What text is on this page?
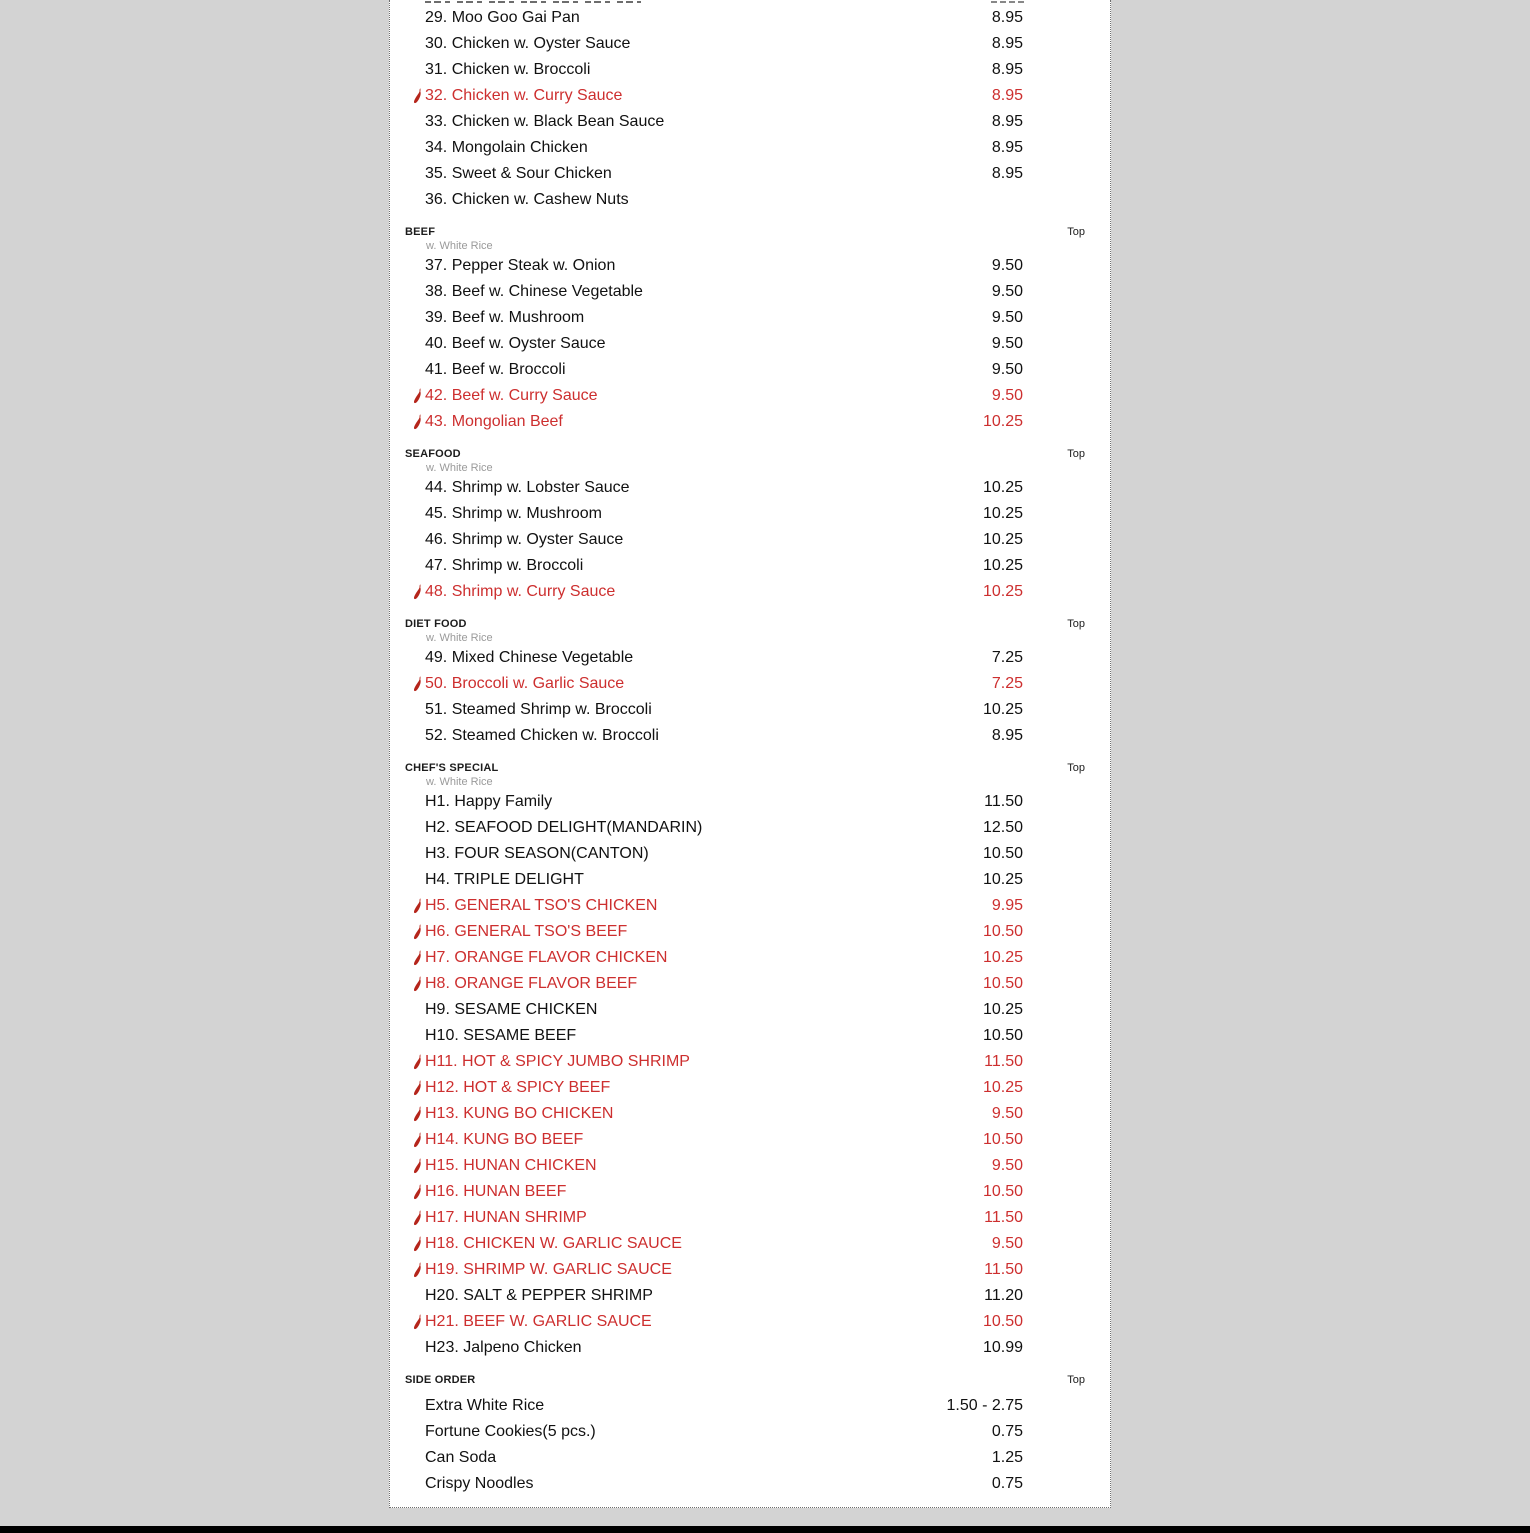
29. Moo Goo Gai Pan	8.95
30. Chicken w. Oyster Sauce	8.95
31. Chicken w. Broccoli	8.95
32. Chicken w. Curry Sauce	8.95
33. Chicken w. Black Bean Sauce	8.95
34. Mongolain Chicken	8.95
35. Sweet & Sour Chicken	8.95
36. Chicken w. Cashew Nuts
BEEF	Top
w. White Rice
37. Pepper Steak w. Onion	9.50
38. Beef w. Chinese Vegetable	9.50
39. Beef w. Mushroom	9.50
40. Beef w. Oyster Sauce	9.50
41. Beef w. Broccoli	9.50
42. Beef w. Curry Sauce	9.50
43. Mongolian Beef	10.25
SEAFOOD	Top
w. White Rice
44. Shrimp w. Lobster Sauce	10.25
45. Shrimp w. Mushroom	10.25
46. Shrimp w. Oyster Sauce	10.25
47. Shrimp w. Broccoli	10.25
48. Shrimp w. Curry Sauce	10.25
DIET FOOD	Top
w. White Rice
49. Mixed Chinese Vegetable	7.25
50. Broccoli w. Garlic Sauce	7.25
51. Steamed Shrimp w. Broccoli	10.25
52. Steamed Chicken w. Broccoli	8.95
CHEF'S SPECIAL	Top
w. White Rice
H1. Happy Family	11.50
H2. SEAFOOD DELIGHT(MANDARIN)	12.50
H3. FOUR SEASON(CANTON)	10.50
H4. TRIPLE DELIGHT	10.25
H5. GENERAL TSO'S CHICKEN	9.95
H6. GENERAL TSO'S BEEF	10.50
H7. ORANGE FLAVOR CHICKEN	10.25
H8. ORANGE FLAVOR BEEF	10.50
H9. SESAME CHICKEN	10.25
H10. SESAME BEEF	10.50
H11. HOT & SPICY JUMBO SHRIMP	11.50
H12. HOT & SPICY BEEF	10.25
H13. KUNG BO CHICKEN	9.50
H14. KUNG BO BEEF	10.50
H15. HUNAN CHICKEN	9.50
H16. HUNAN BEEF	10.50
H17. HUNAN SHRIMP	11.50
H18. CHICKEN W. GARLIC SAUCE	9.50
H19. SHRIMP W. GARLIC SAUCE	11.50
H20. SALT & PEPPER SHRIMP	11.20
H21. BEEF W. GARLIC SAUCE	10.50
H23. Jalpeno Chicken	10.99
SIDE ORDER	Top
Extra White Rice	1.50 - 2.75
Fortune Cookies(5 pcs.)	0.75
Can Soda	1.25
Crispy Noodles	0.75
